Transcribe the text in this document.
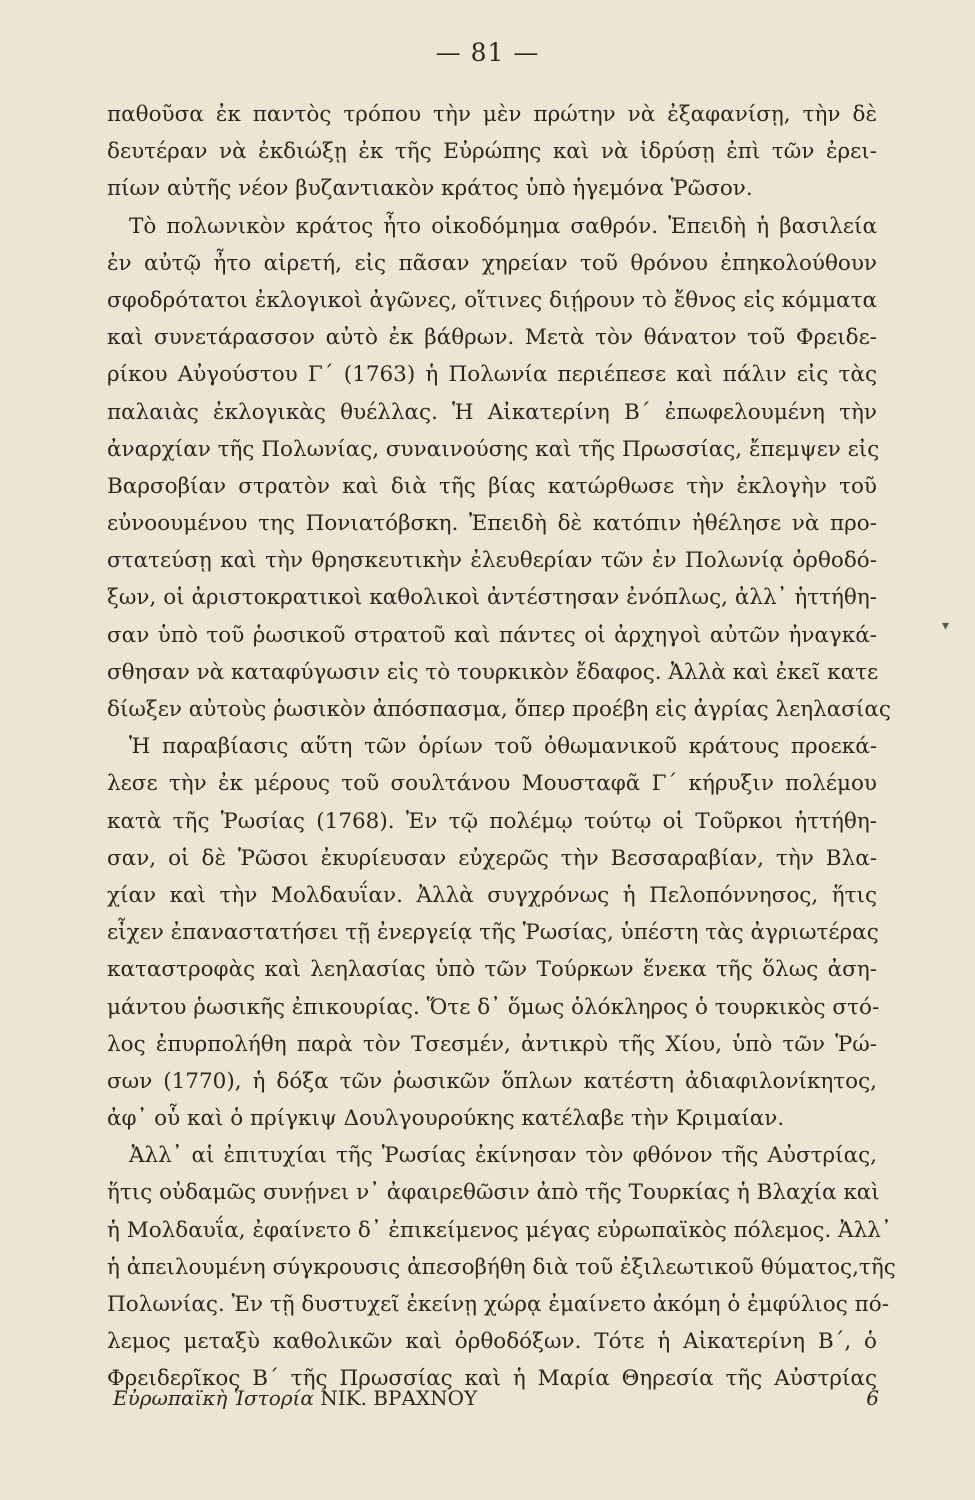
— 81 —
παθοῦσα ἐκ παντὸς τρόπου τὴν μὲν πρώτην νὰ ἐξαφανίσῃ, τὴν δὲ
δευτέραν νὰ ἐκδιώξῃ ἐκ τῆς Εὐρώπης καὶ νὰ ἱδρύσῃ ἐπὶ τῶν ἐρει-
πίων αὐτῆς νέον βυζαντιακὸν κράτος ὑπὸ ἡγεμόνα Ῥῶσον.
Τὸ πολωνικὸν κράτος ἦτο οἰκοδόμημα σαθρόν. Ἐπειδὴ ἡ βασιλεία
ἐν αὐτῷ ἦτο αἱρετή, εἰς πᾶσαν χηρείαν τοῦ θρόνου ἐπηκολούθουν
σφοδρότατοι ἐκλογικοὶ ἀγῶνες, οἵτινες διῄρουν τὸ ἔθνος εἰς κόμματα
καὶ συνετάρασσον αὐτὸ ἐκ βάθρων. Μετὰ τὸν θάνατον τοῦ Φρειδε-
ρίκου Αὐγούστου Γ΄ (1763) ἡ Πολωνία περιέπεσε καὶ πάλιν εἰς τὰς
παλαιὰς ἐκλογικὰς θυέλλας. Ἡ Αἰκατερίνη Β΄ ἐπωφελουμένη τὴν
ἀναρχίαν τῆς Πολωνίας, συναινούσης καὶ τῆς Πρωσσίας, ἔπεμψεν εἰς
Βαρσοβίαν στρατὸν καὶ διὰ τῆς βίας κατώρθωσε τὴν ἐκλογὴν τοῦ
εὐνοουμένου της Πονιατόβσκη. Ἐπειδὴ δὲ κατόπιν ἠθέλησε νὰ προ-
στατεύσῃ καὶ τὴν θρησκευτικὴν ἐλευθερίαν τῶν ἐν Πολωνίᾳ ὀρθοδό-
ξων, οἱ ἀριστοκρατικοὶ καθολικοὶ ἀντέστησαν ἐνόπλως, ἀλλ᾽ ἡττήθη-
σαν ὑπὸ τοῦ ῥωσικοῦ στρατοῦ καὶ πάντες οἱ ἀρχηγοὶ αὐτῶν ἠναγκά-
σθησαν νὰ καταφύγωσιν εἰς τὸ τουρκικὸν ἔδαφος. Ἀλλὰ καὶ ἐκεῖ κατε
δίωξεν αὐτοὺς ῥωσικὸν ἀπόσπασμα, ὅπερ προέβη εἰς ἀγρίας λεηλασίας
Ἡ παραβίασις αὕτη τῶν ὁρίων τοῦ ὀθωμανικοῦ κράτους προεκά-
λεσε τὴν ἐκ μέρους τοῦ σουλτάνου Μουσταφᾶ Γ΄ κήρυξιν πολέμου
κατὰ τῆς Ῥωσίας (1768). Ἐν τῷ πολέμῳ τούτῳ οἱ Τοῦρκοι ἡττήθη-
σαν, οἱ δὲ Ῥῶσοι ἐκυρίευσαν εὐχερῶς τὴν Βεσσαραβίαν, τὴν Βλα-
χίαν καὶ τὴν Μολδαυΐαν. Ἀλλὰ συγχρόνως ἡ Πελοπόννησος, ἥτις
εἶχεν ἐπαναστατήσει τῇ ἐνεργείᾳ τῆς Ῥωσίας, ὑπέστη τὰς ἀγριωτέρας
καταστροφὰς καὶ λεηλασίας ὑπὸ τῶν Τούρκων ἕνεκα τῆς ὅλως ἀση-
μάντου ῥωσικῆς ἐπικουρίας. Ὅτε δ᾽ ὅμως ὁλόκληρος ὁ τουρκικὸς στό-
λος ἐπυρπολήθη παρὰ τὸν Τσεσμέν, ἀντικρὺ τῆς Χίου, ὑπὸ τῶν Ῥώ-
σων (1770), ἡ δόξα τῶν ῥωσικῶν ὅπλων κατέστη ἀδιαφιλονίκητος,
ἀφ᾽ οὗ καὶ ὁ πρίγκιψ Δουλγουρούκης κατέλαβε τὴν Κριμαίαν.
Ἀλλ᾽ αἱ ἐπιτυχίαι τῆς Ῥωσίας ἐκίνησαν τὸν φθόνον τῆς Αὐστρίας,
ἥτις οὐδαμῶς συνῄνει ν᾽ ἀφαιρεθῶσιν ἀπὸ τῆς Τουρκίας ἡ Βλαχία καὶ
ἡ Μολδαυΐα, ἐφαίνετο δ᾽ ἐπικείμενος μέγας εὐρωπαϊκὸς πόλεμος. Ἀλλ᾽
ἡ ἀπειλουμένη σύγκρουσις ἀπεσοβήθη διὰ τοῦ ἐξιλεωτικοῦ θύματος,τῆς
Πολωνίας. Ἐν τῇ δυστυχεῖ ἐκείνῃ χώρᾳ ἐμαίνετο ἀκόμη ὁ ἐμφύλιος πό-
λεμος μεταξὺ καθολικῶν καὶ ὀρθοδόξων. Τότε ἡ Αἰκατερίνη Β΄, ὁ
Φρειδερῖκος Β΄ τῆς Πρωσσίας καὶ ἡ Μαρία Θηρεσία τῆς Αὐστρίας
▾
Εὐρωπαϊκὴ Ἱστορία ΝΙΚ. ΒΡΑΧΝΟΥ	6
